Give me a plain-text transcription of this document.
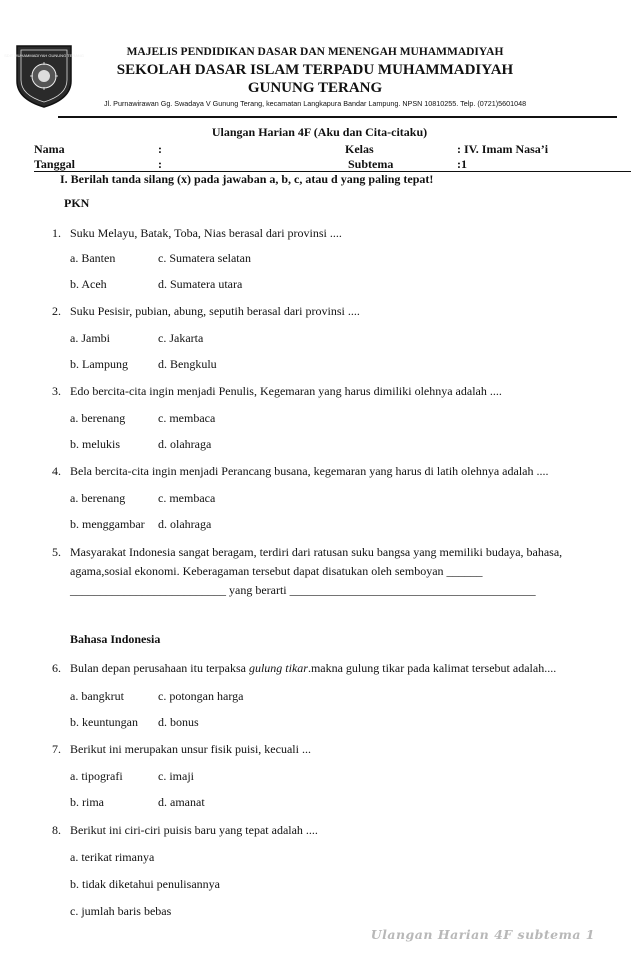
SDIT MUHAMMADIYAH GUNUNG TERANG	MAJELIS PENDIDIKAN DASAR DAN MENENGAH MUHAMMADIYAH
SEKOLAH DASAR ISLAM TERPADU MUHAMMADIYAH
GUNUNG TERANG
Jl. Purnawirawan Gg. Swadaya V Gunung Terang, kecamatan Langkapura Bandar Lampung. NPSN 10810255. Telp. (0721)5601048
Ulangan Harian 4F (Aku dan Cita-citaku)
Nama	:	Kelas	: IV. Imam Nasa’i
Tanggal	:	Subtema	:1
I. Berilah tanda silang (x) pada jawaban a, b, c, atau d yang paling tepat!
PKN
1. Suku Melayu, Batak, Toba, Nias berasal dari provinsi ....
a. Banten	c. Sumatera selatan
b. Aceh	d. Sumatera utara
2. Suku Pesisir, pubian, abung, seputih berasal dari provinsi ....
a. Jambi	c. Jakarta
b. Lampung	d. Bengkulu
3. Edo bercita-cita ingin menjadi Penulis, Kegemaran yang harus dimiliki olehnya adalah ....
a. berenang	c. membaca
b. melukis	d. olahraga
4. Bela bercita-cita ingin menjadi Perancang busana, kegemaran yang harus di latih olehnya adalah ....
a. berenang	c. membaca
b. menggambar d. olahraga
5. Masyarakat Indonesia sangat beragam, terdiri dari ratusan suku bangsa yang memiliki budaya, bahasa,
agama,sosial ekonomi. Keberagaman tersebut dapat disatukan oleh semboyan ______
__________________________ yang berarti _________________________________________
Bahasa Indonesia
6. Bulan depan perusahaan itu terpaksa gulung tikar.makna gulung tikar pada kalimat tersebut adalah....
a. bangkrut	c. potongan harga
b. keuntungan d. bonus
7. Berikut ini merupakan unsur fisik puisi, kecuali ...
a. tipografi	c. imaji
b. rima	d. amanat
8. Berikut ini ciri-ciri puisis baru yang tepat adalah ....
a. terikat rimanya
b. tidak diketahui penulisannya
c. jumlah baris bebas
Ulangan Harian 4F subtema 1
